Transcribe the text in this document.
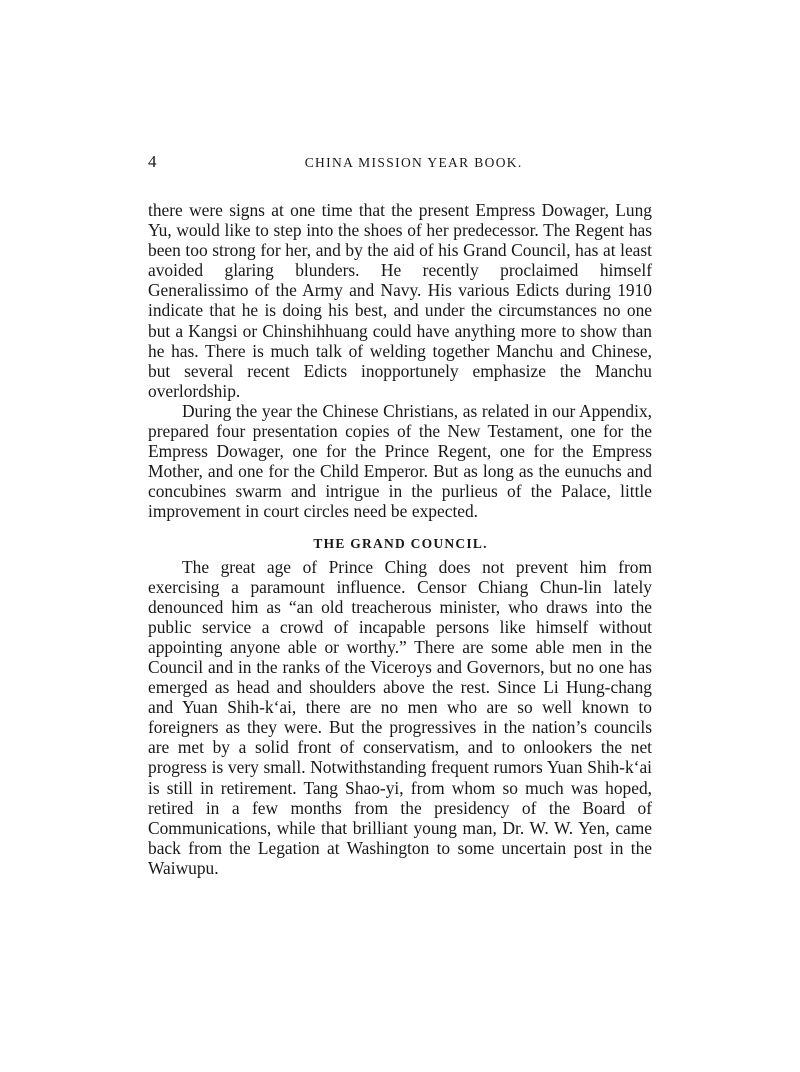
4	CHINA MISSION YEAR BOOK.

there were signs at one time that the present Empress Dowager, Lung Yu, would like to step into the shoes of her predecessor. The Regent has been too strong for her, and by the aid of his Grand Council, has at least avoided glaring blunders. He recently proclaimed himself Generalissimo of the Army and Navy. His various Edicts during 1910 indicate that he is doing his best, and under the circumstances no one but a Kangsi or Chinshihhuang could have anything more to show than he has. There is much talk of welding together Manchu and Chinese, but several recent Edicts inopportunely emphasize the Manchu overlordship.

During the year the Chinese Christians, as related in our Appendix, prepared four presentation copies of the New Testament, one for the Empress Dowager, one for the Prince Regent, one for the Empress Mother, and one for the Child Emperor. But as long as the eunuchs and concubines swarm and intrigue in the purlieus of the Palace, little improvement in court circles need be expected.

THE GRAND COUNCIL.

The great age of Prince Ching does not prevent him from exercising a paramount influence. Censor Chiang Chun-lin lately denounced him as “an old treacherous minister, who draws into the public service a crowd of incapable persons like himself without appointing anyone able or worthy.” There are some able men in the Council and in the ranks of the Viceroys and Governors, but no one has emerged as head and shoulders above the rest. Since Li Hung-chang and Yuan Shih-k‘ai, there are no men who are so well known to foreigners as they were. But the progressives in the nation’s councils are met by a solid front of conservatism, and to onlookers the net progress is very small. Notwithstanding frequent rumors Yuan Shih-k‘ai is still in retirement. Tang Shao-yi, from whom so much was hoped, retired in a few months from the presidency of the Board of Communications, while that brilliant young man, Dr. W. W. Yen, came back from the Legation at Washington to some uncertain post in the Waiwupu.
